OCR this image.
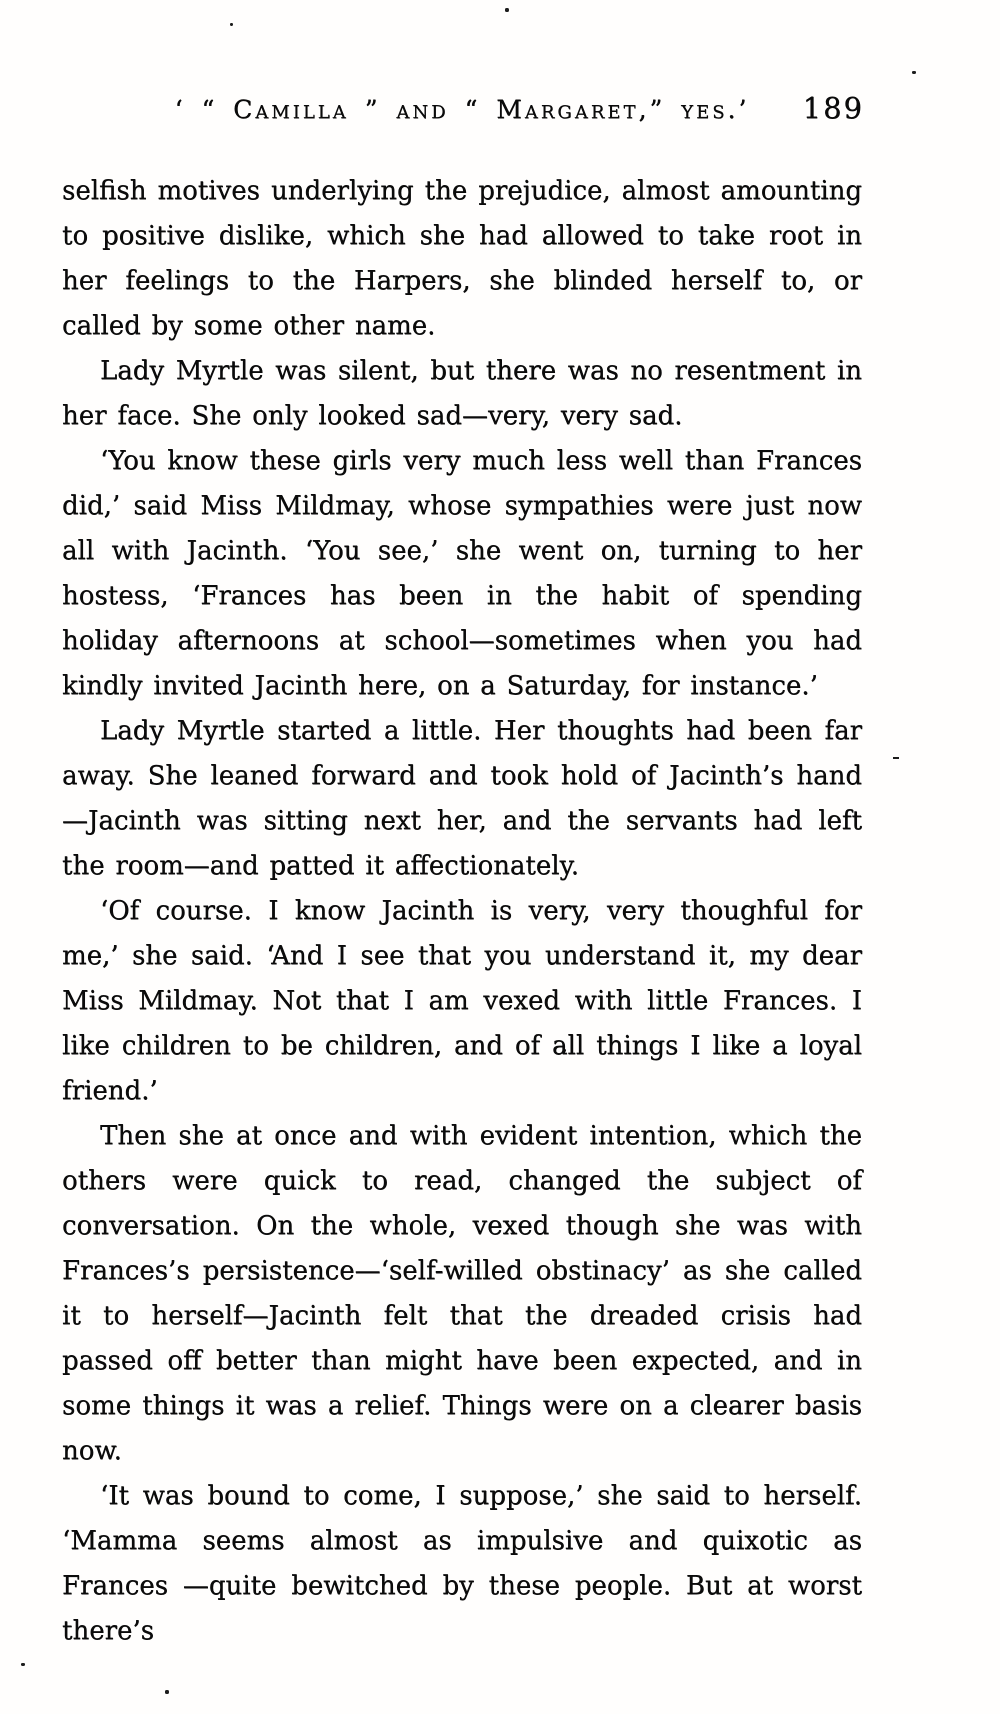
‘ “ Camilla ” and “ Margaret,” yes.’ 189

selfish motives underlying the prejudice, almost amounting to positive dislike, which she had allowed to take root in her feelings to the Harpers, she blinded herself to, or called by some other name.

Lady Myrtle was silent, but there was no resentment in her face. She only looked sad—very, very sad.

‘You know these girls very much less well than Frances did,’ said Miss Mildmay, whose sympathies were just now all with Jacinth. ‘You see,’ she went on, turning to her hostess, ‘Frances has been in the habit of spending holiday afternoons at school—sometimes when you had kindly invited Jacinth here, on a Saturday, for instance.’

Lady Myrtle started a little. Her thoughts had been far away. She leaned forward and took hold of Jacinth’s hand—Jacinth was sitting next her, and the servants had left the room—and patted it affectionately.

‘Of course. I know Jacinth is very, very thoughful for me,’ she said. ‘And I see that you understand it, my dear Miss Mildmay. Not that I am vexed with little Frances. I like children to be children, and of all things I like a loyal friend.’

Then she at once and with evident intention, which the others were quick to read, changed the subject of conversation. On the whole, vexed though she was with Frances’s persistence—‘self-willed obstinacy’ as she called it to herself—Jacinth felt that the dreaded crisis had passed off better than might have been expected, and in some things it was a relief. Things were on a clearer basis now.

‘It was bound to come, I suppose,’ she said to herself. ‘Mamma seems almost as impulsive and quixotic as Frances —quite bewitched by these people. But at worst there’s
